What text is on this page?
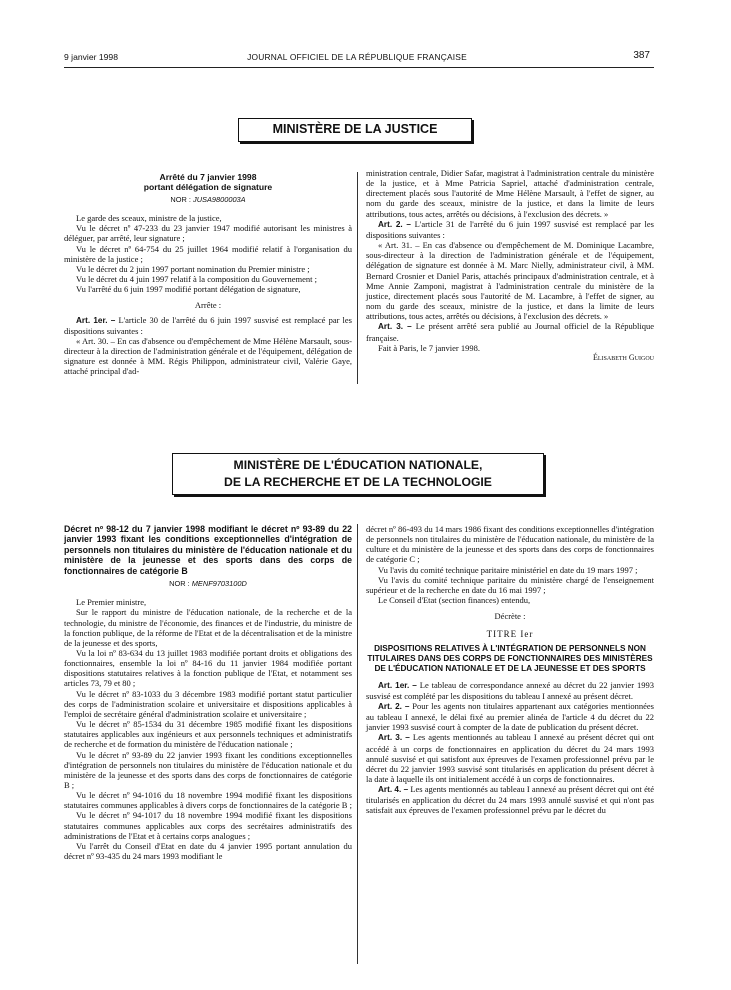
9 janvier 1998	JOURNAL OFFICIEL DE LA RÉPUBLIQUE FRANÇAISE	387
MINISTÈRE DE LA JUSTICE
Arrêté du 7 janvier 1998
portant délégation de signature
NOR : JUSA9800003A

Le garde des sceaux, ministre de la justice,

Vu le décret nº 47-233 du 23 janvier 1947 modifié autorisant les ministres à déléguer, par arrêté, leur signature ;

Vu le décret nº 64-754 du 25 juillet 1964 modifié relatif à l'organisation du ministère de la justice ;

Vu le décret du 2 juin 1997 portant nomination du Premier ministre ;

Vu le décret du 4 juin 1997 relatif à la composition du Gouvernement ;

Vu l'arrêté du 6 juin 1997 modifié portant délégation de signature,

Arrête :

Art. 1er. – L'article 30 de l'arrêté du 6 juin 1997 susvisé est remplacé par les dispositions suivantes :

« Art. 30. – En cas d'absence ou d'empêchement de Mme Hélène Marsault, sous-directeur à la direction de l'administration générale et de l'équipement, délégation de signature est donnée à MM. Régis Philippon, administrateur civil, Valérie Gaye, attaché principal d'ad-

ministration centrale, Didier Safar, magistrat à l'administration centrale du ministère de la justice, et à Mme Patricia Sapriel, attaché d'administration centrale, directement placés sous l'autorité de Mme Hélène Marsault, à l'effet de signer, au nom du garde des sceaux, ministre de la justice, et dans la limite de leurs attributions, tous actes, arrêtés ou décisions, à l'exclusion des décrets. »

Art. 2. – L'article 31 de l'arrêté du 6 juin 1997 susvisé est remplacé par les dispositions suivantes :

« Art. 31. – En cas d'absence ou d'empêchement de M. Dominique Lacambre, sous-directeur à la direction de l'administration générale et de l'équipement, délégation de signature est donnée à M. Marc Nielly, administrateur civil, à MM. Bernard Crosnier et Daniel Paris, attachés principaux d'administration centrale, et à Mme Annie Zamponi, magistrat à l'administration centrale du ministère de la justice, directement placés sous l'autorité de M. Lacambre, à l'effet de signer, au nom du garde des sceaux, ministre de la justice, et dans la limite de leurs attributions, tous actes, arrêtés ou décisions, à l'exclusion des décrets. »

Art. 3. – Le présent arrêté sera publié au Journal officiel de la République française.

Fait à Paris, le 7 janvier 1998.

Élisabeth Guigou
MINISTÈRE DE L'ÉDUCATION NATIONALE,
DE LA RECHERCHE ET DE LA TECHNOLOGIE
Décret nº 98-12 du 7 janvier 1998 modifiant le décret nº 93-89 du 22 janvier 1993 fixant les conditions exceptionnelles d'intégration de personnels non titulaires du ministère de l'éducation nationale et du ministère de la jeunesse et des sports dans des corps de fonctionnaires de catégorie B
NOR : MENF9703100D

Le Premier ministre,

Sur le rapport du ministre de l'éducation nationale, de la recherche et de la technologie, du ministre de l'économie, des finances et de l'industrie, du ministre de la fonction publique, de la réforme de l'Etat et de la décentralisation et de la ministre de la jeunesse et des sports,

Vu la loi nº 83-634 du 13 juillet 1983 modifiée portant droits et obligations des fonctionnaires, ensemble la loi nº 84-16 du 11 janvier 1984 modifiée portant dispositions statutaires relatives à la fonction publique de l'Etat, et notamment ses articles 73, 79 et 80 ;

Vu le décret nº 83-1033 du 3 décembre 1983 modifié portant statut particulier des corps de l'administration scolaire et universitaire et dispositions applicables à l'emploi de secrétaire général d'administration scolaire et universitaire ;

Vu le décret nº 85-1534 du 31 décembre 1985 modifié fixant les dispositions statutaires applicables aux ingénieurs et aux personnels techniques et administratifs de recherche et de formation du ministère de l'éducation nationale ;

Vu le décret nº 93-89 du 22 janvier 1993 fixant les conditions exceptionnelles d'intégration de personnels non titulaires du ministère de l'éducation nationale et du ministère de la jeunesse et des sports dans des corps de fonctionnaires de catégorie B ;

Vu le décret nº 94-1016 du 18 novembre 1994 modifié fixant les dispositions statutaires communes applicables à divers corps de fonctionnaires de la catégorie B ;

Vu le décret nº 94-1017 du 18 novembre 1994 modifié fixant les dispositions statutaires communes applicables aux corps des secrétaires administratifs des administrations de l'Etat et à certains corps analogues ;

Vu l'arrêt du Conseil d'Etat en date du 4 janvier 1995 portant annulation du décret nº 93-435 du 24 mars 1993 modifiant le

décret nº 86-493 du 14 mars 1986 fixant des conditions exceptionnelles d'intégration de personnels non titulaires du ministère de l'éducation nationale, du ministère de la culture et du ministère de la jeunesse et des sports dans des corps de fonctionnaires de catégorie C ;

Vu l'avis du comité technique paritaire ministériel en date du 19 mars 1997 ;

Vu l'avis du comité technique paritaire du ministère chargé de l'enseignement supérieur et de la recherche en date du 16 mai 1997 ;

Le Conseil d'Etat (section finances) entendu,

Décrète :

TITRE Ier
DISPOSITIONS RELATIVES À L'INTÉGRATION DE PERSONNELS NON TITULAIRES DANS DES CORPS DE FONCTIONNAIRES DES MINISTÈRES DE L'ÉDUCATION NATIONALE ET DE LA JEUNESSE ET DES SPORTS

Art. 1er. – Le tableau de correspondance annexé au décret du 22 janvier 1993 susvisé est complété par les dispositions du tableau I annexé au présent décret.

Art. 2. – Pour les agents non titulaires appartenant aux catégories mentionnées au tableau I annexé, le délai fixé au premier alinéa de l'article 4 du décret du 22 janvier 1993 susvisé court à compter de la date de publication du présent décret.

Art. 3. – Les agents mentionnés au tableau I annexé au présent décret qui ont accédé à un corps de fonctionnaires en application du décret du 24 mars 1993 annulé susvisé et qui satisfont aux épreuves de l'examen professionnel prévu par le décret du 22 janvier 1993 susvisé sont titularisés en application du présent décret à la date à laquelle ils ont initialement accédé à un corps de fonctionnaires.

Art. 4. – Les agents mentionnés au tableau I annexé au présent décret qui ont été titularisés en application du décret du 24 mars 1993 annulé susvisé et qui n'ont pas satisfait aux épreuves de l'examen professionnel prévu par le décret du
